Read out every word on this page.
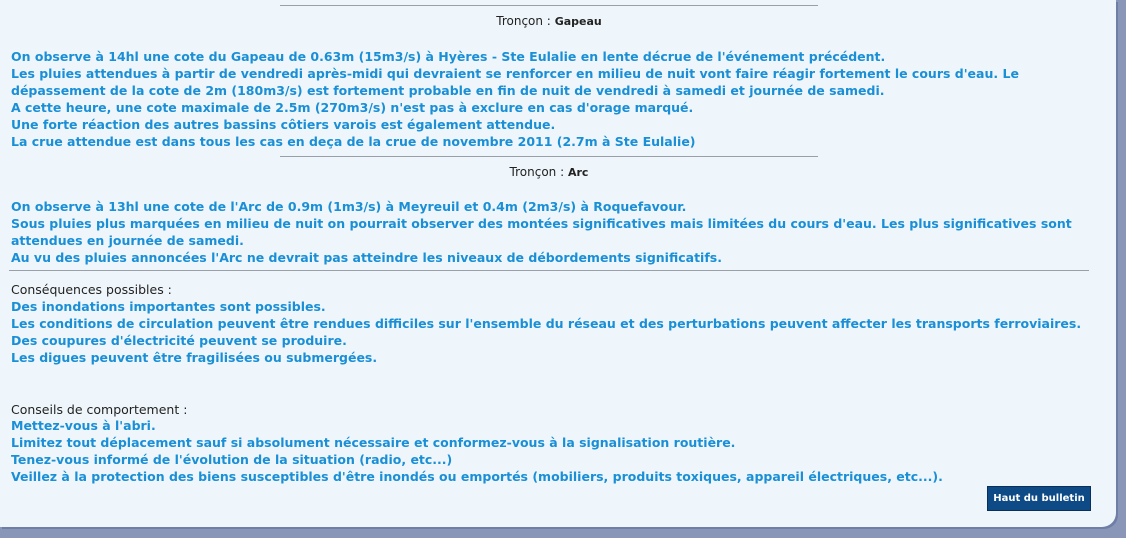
Tronçon : Gapeau

On observe à 14hl une cote du Gapeau de 0.63m (15m3/s) à Hyères - Ste Eulalie en lente décrue de l'événement précédent.

Les pluies attendues à partir de vendredi après-midi qui devraient se renforcer en milieu de nuit vont faire réagir fortement le cours d'eau. Le dépassement de la cote de 2m (180m3/s) est fortement probable en fin de nuit de vendredi à samedi et journée de samedi.

A cette heure, une cote maximale de 2.5m (270m3/s) n'est pas à exclure en cas d'orage marqué.

Une forte réaction des autres bassins côtiers varois est également attendue.

La crue attendue est dans tous les cas en deça de la crue de novembre 2011 (2.7m à Ste Eulalie)

Tronçon : Arc

On observe à 13hl une cote de l'Arc de 0.9m (1m3/s) à Meyreuil et 0.4m (2m3/s) à Roquefavour.

Sous pluies plus marquées en milieu de nuit on pourrait observer des montées significatives mais limitées du cours d'eau. Les plus significatives sont attendues en journée de samedi.

Au vu des pluies annoncées l'Arc ne devrait pas atteindre les niveaux de débordements significatifs.

Conséquences possibles :

Des inondations importantes sont possibles.

Les conditions de circulation peuvent être rendues difficiles sur l'ensemble du réseau et des perturbations peuvent affecter les transports ferroviaires.

Des coupures d'électricité peuvent se produire.

Les digues peuvent être fragilisées ou submergées.

Conseils de comportement :

Mettez-vous à l'abri.

Limitez tout déplacement sauf si absolument nécessaire et conformez-vous à la signalisation routière.

Tenez-vous informé de l'évolution de la situation (radio, etc...)

Veillez à la protection des biens susceptibles d'être inondés ou emportés (mobiliers, produits toxiques, appareil électriques, etc...).

Haut du bulletin
